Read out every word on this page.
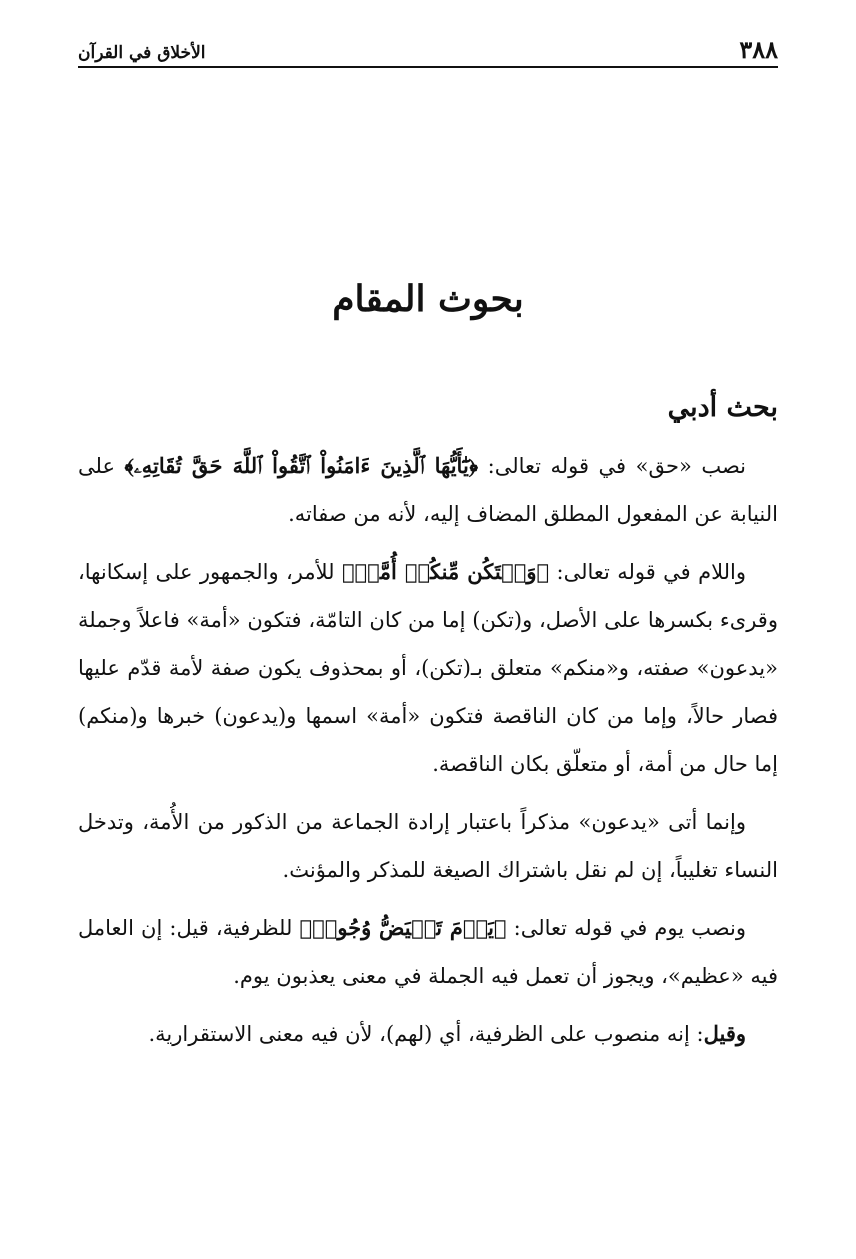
٣٨٨
الأخلاق في القرآن
بحوث المقام
بحث أدبي

نصب «حق» في قوله تعالى: ﴿يَٰٓأَيُّهَا ٱلَّذِينَ ءَامَنُواْ ٱتَّقُواْ ٱللَّهَ حَقَّ تُقَاتِهِۦ﴾ على النيابة عن المفعول المطلق المضاف إليه، لأنه من صفاته.

واللام في قوله تعالى: ﴿وَلۡتَكُن مِّنكُمۡ أُمَّةٞ﴾ للأمر، والجمهور على إسكانها، وقرىء بكسرها على الأصل، و(تكن) إما من كان التامّة، فتكون «أمة» فاعلاً وجملة «يدعون» صفته، و«منكم» متعلق بـ(تكن)، أو بمحذوف يكون صفة لأمة قدّم عليها فصار حالاً، وإما من كان الناقصة فتكون «أمة» اسمها و(يدعون) خبرها و(منكم) إما حال من أمة، أو متعلّق بكان الناقصة.

وإنما أتى «يدعون» مذكراً باعتبار إرادة الجماعة من الذكور من الأُمة، وتدخل النساء تغليباً، إن لم نقل باشتراك الصيغة للمذكر والمؤنث.

ونصب يوم في قوله تعالى: ﴿يَوۡمَ تَبۡيَضُّ وُجُوهٞ﴾ للظرفية، قيل: إن العامل فيه «عظيم»، ويجوز أن تعمل فيه الجملة في معنى يعذبون يوم.

وقيل: إنه منصوب على الظرفية، أي (لهم)، لأن فيه معنى الاستقرارية.
